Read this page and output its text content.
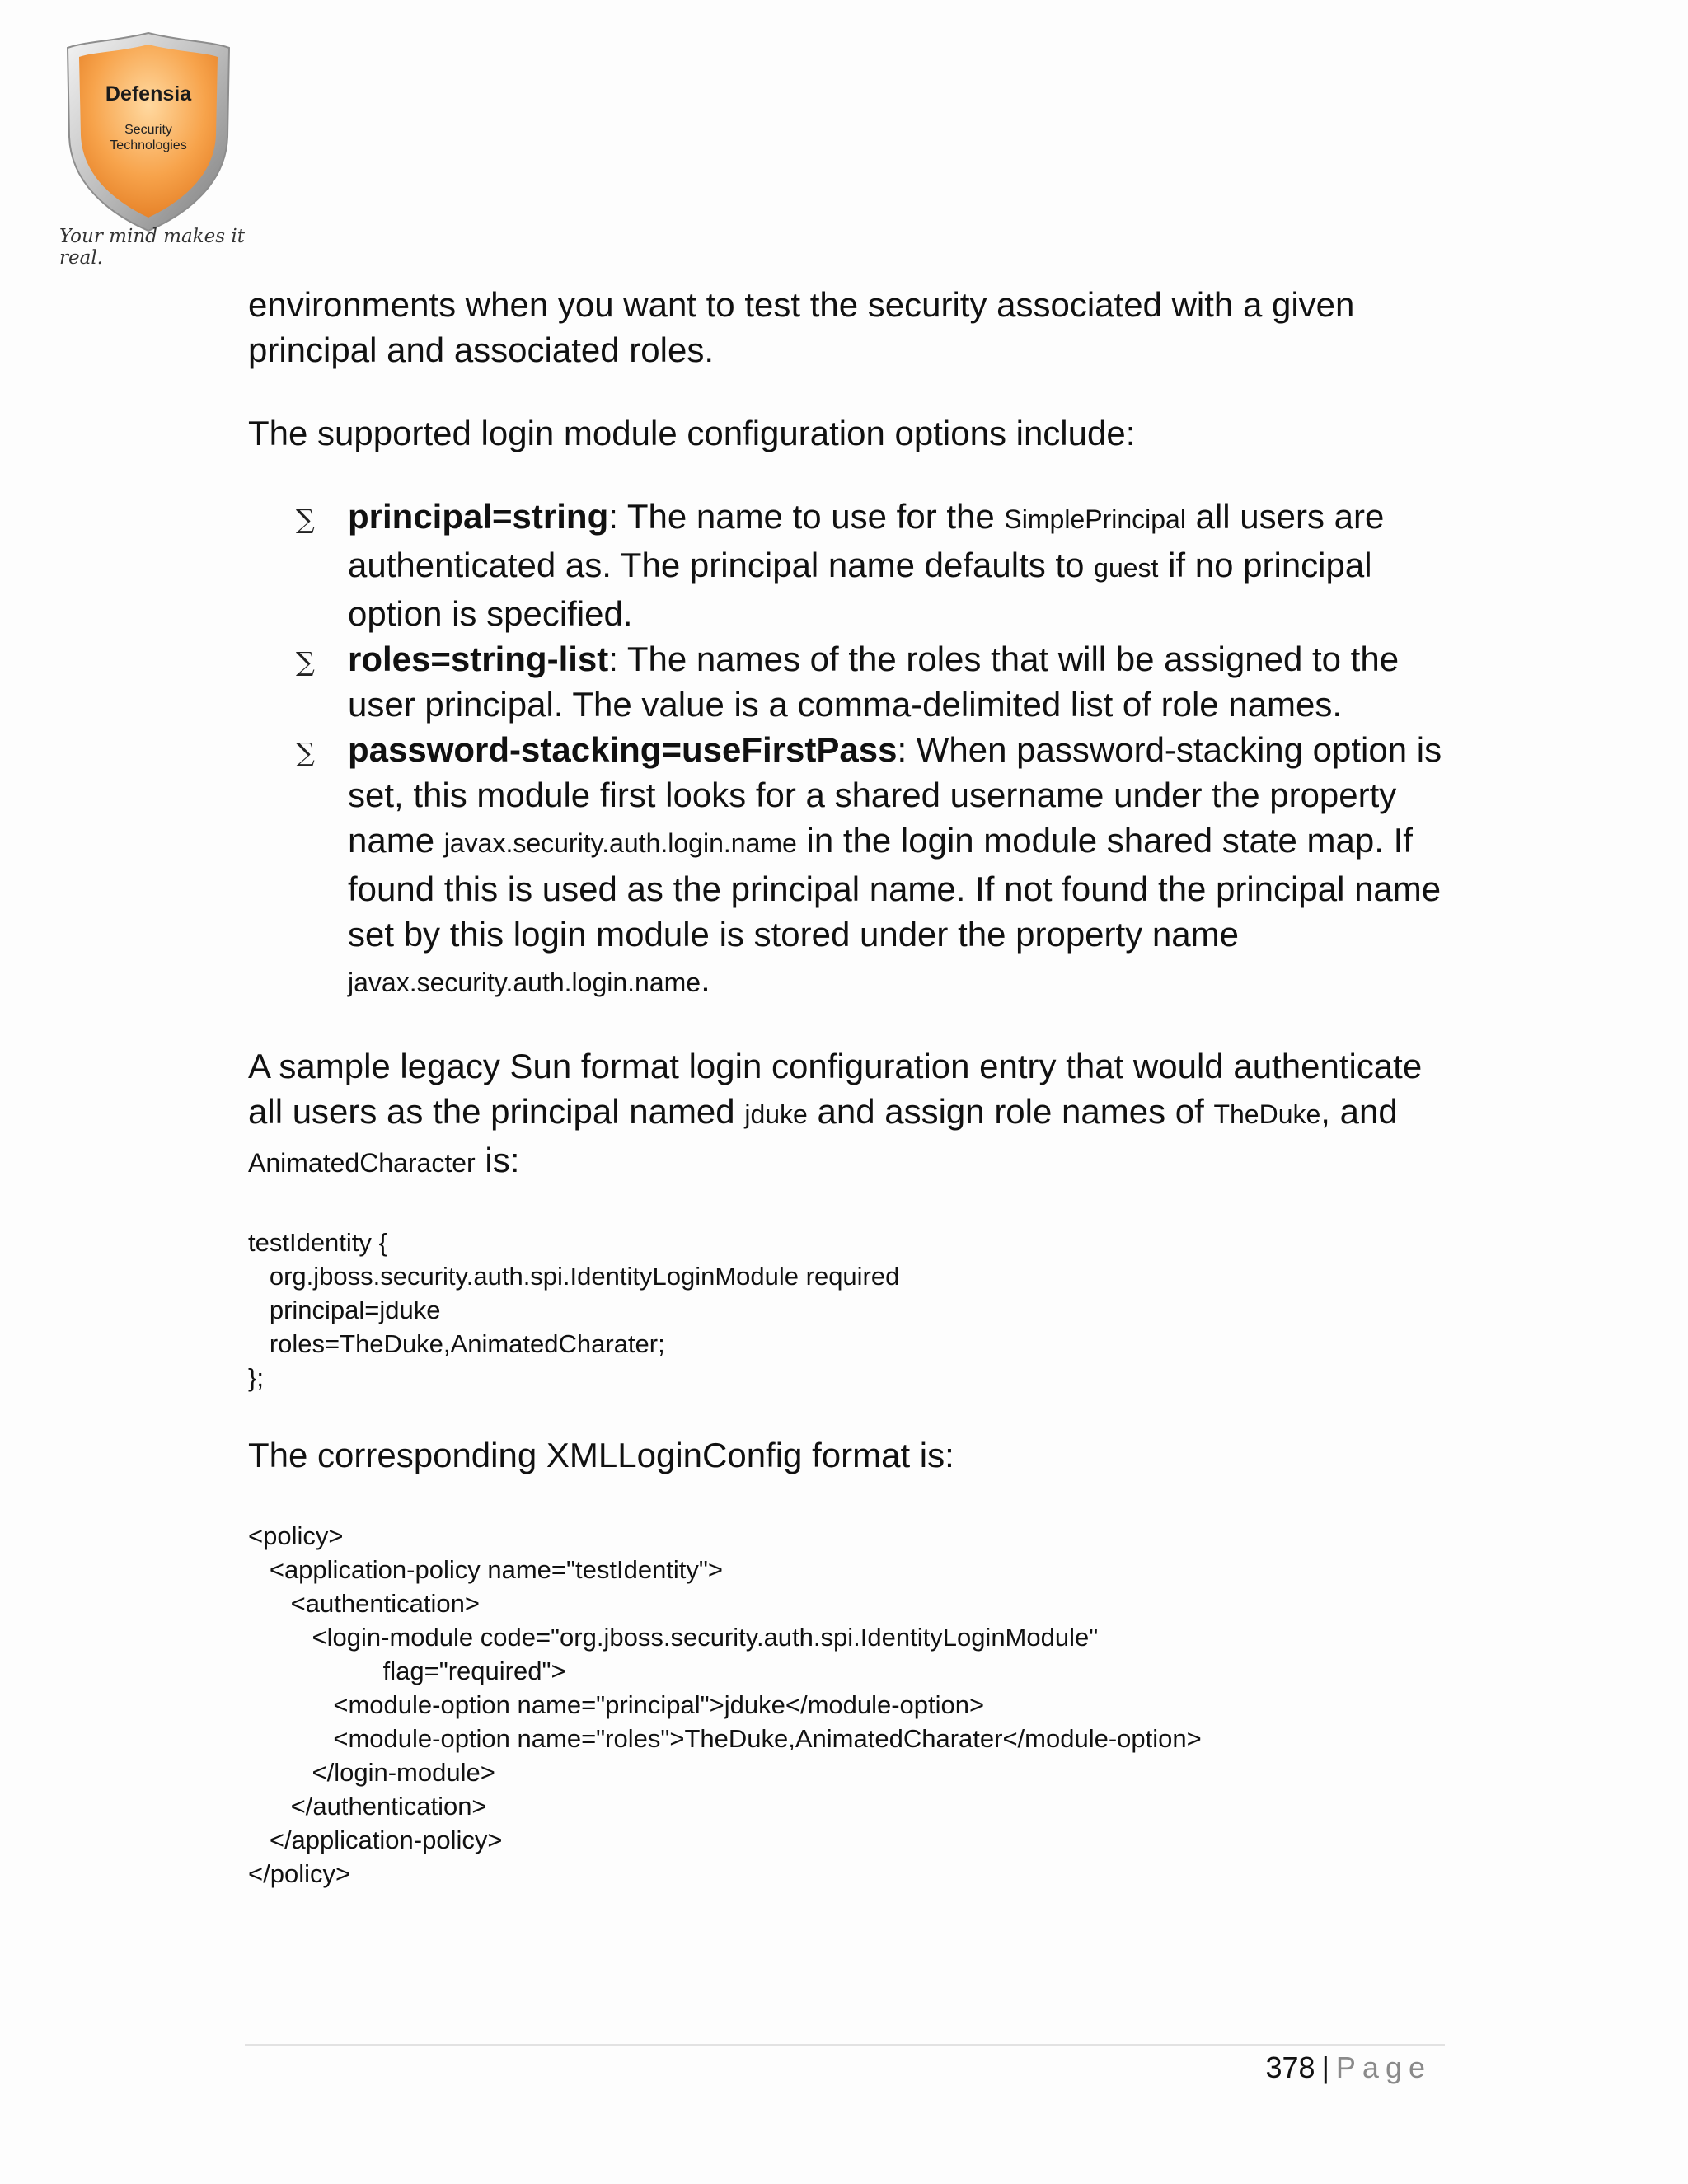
Defensia
Security
Technologies
Your mind makes it real.

environments when you want to test the security associated with a given principal and associated roles.

The supported login module configuration options include:

∑ principal=string: The name to use for the SimplePrincipal all users are authenticated as. The principal name defaults to guest if no principal option is specified.
∑ roles=string-list: The names of the roles that will be assigned to the user principal. The value is a comma-delimited list of role names.
∑ password-stacking=useFirstPass: When password-stacking option is set, this module first looks for a shared username under the property name javax.security.auth.login.name in the login module shared state map. If found this is used as the principal name. If not found the principal name set by this login module is stored under the property name javax.security.auth.login.name.

A sample legacy Sun format login configuration entry that would authenticate all users as the principal named jduke and assign role names of TheDuke, and AnimatedCharacter is:

testIdentity {
org.jboss.security.auth.spi.IdentityLoginModule required
principal=jduke
roles=TheDuke,AnimatedCharater;
};

The corresponding XMLLoginConfig format is:

<policy>
<application-policy name="testIdentity">
<authentication>
<login-module code="org.jboss.security.auth.spi.IdentityLoginModule"
flag="required">
<module-option name="principal">jduke</module-option>
<module-option name="roles">TheDuke,AnimatedCharater</module-option>
</login-module>
</authentication>
</application-policy>
</policy>
378 | Page
